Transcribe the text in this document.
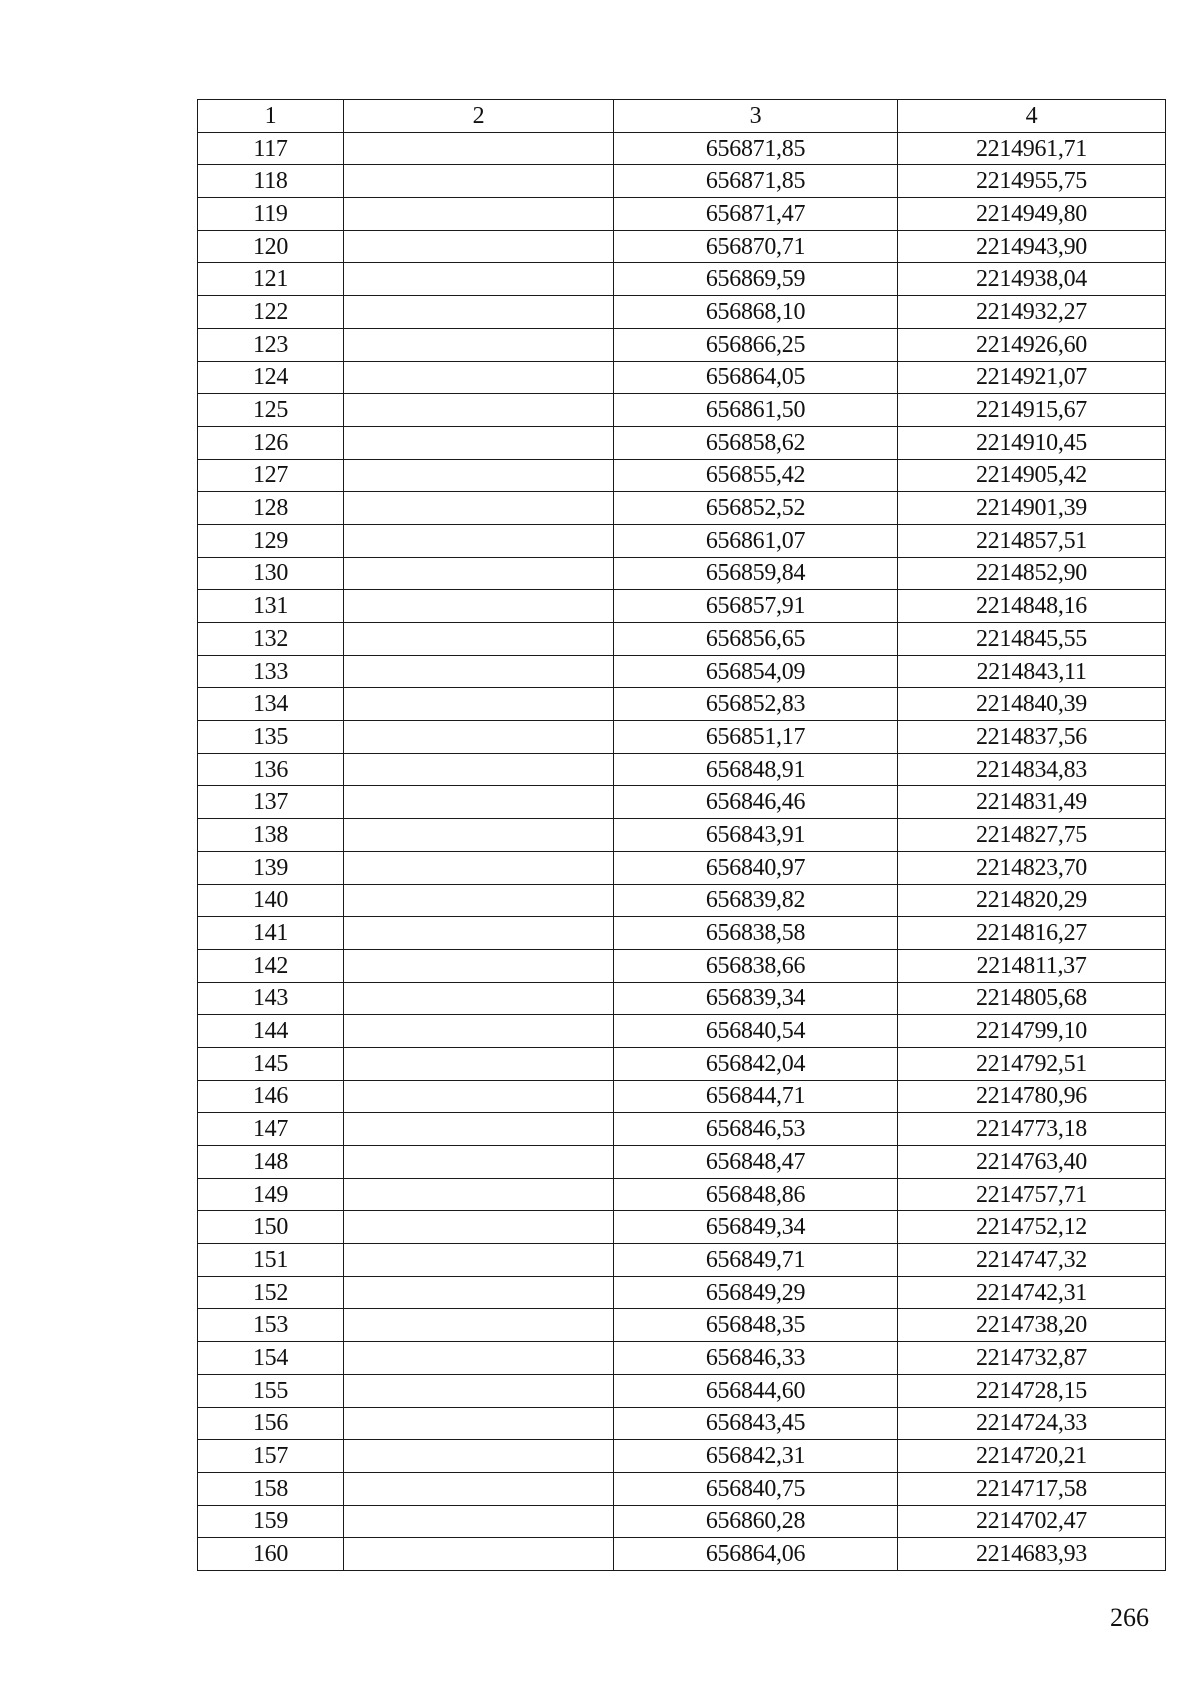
1	2	3	4
117		656871,85	2214961,71
118		656871,85	2214955,75
119		656871,47	2214949,80
120		656870,71	2214943,90
121		656869,59	2214938,04
122		656868,10	2214932,27
123		656866,25	2214926,60
124		656864,05	2214921,07
125		656861,50	2214915,67
126		656858,62	2214910,45
127		656855,42	2214905,42
128		656852,52	2214901,39
129		656861,07	2214857,51
130		656859,84	2214852,90
131		656857,91	2214848,16
132		656856,65	2214845,55
133		656854,09	2214843,11
134		656852,83	2214840,39
135		656851,17	2214837,56
136		656848,91	2214834,83
137		656846,46	2214831,49
138		656843,91	2214827,75
139		656840,97	2214823,70
140		656839,82	2214820,29
141		656838,58	2214816,27
142		656838,66	2214811,37
143		656839,34	2214805,68
144		656840,54	2214799,10
145		656842,04	2214792,51
146		656844,71	2214780,96
147		656846,53	2214773,18
148		656848,47	2214763,40
149		656848,86	2214757,71
150		656849,34	2214752,12
151		656849,71	2214747,32
152		656849,29	2214742,31
153		656848,35	2214738,20
154		656846,33	2214732,87
155		656844,60	2214728,15
156		656843,45	2214724,33
157		656842,31	2214720,21
158		656840,75	2214717,58
159		656860,28	2214702,47
160		656864,06	2214683,93
266
